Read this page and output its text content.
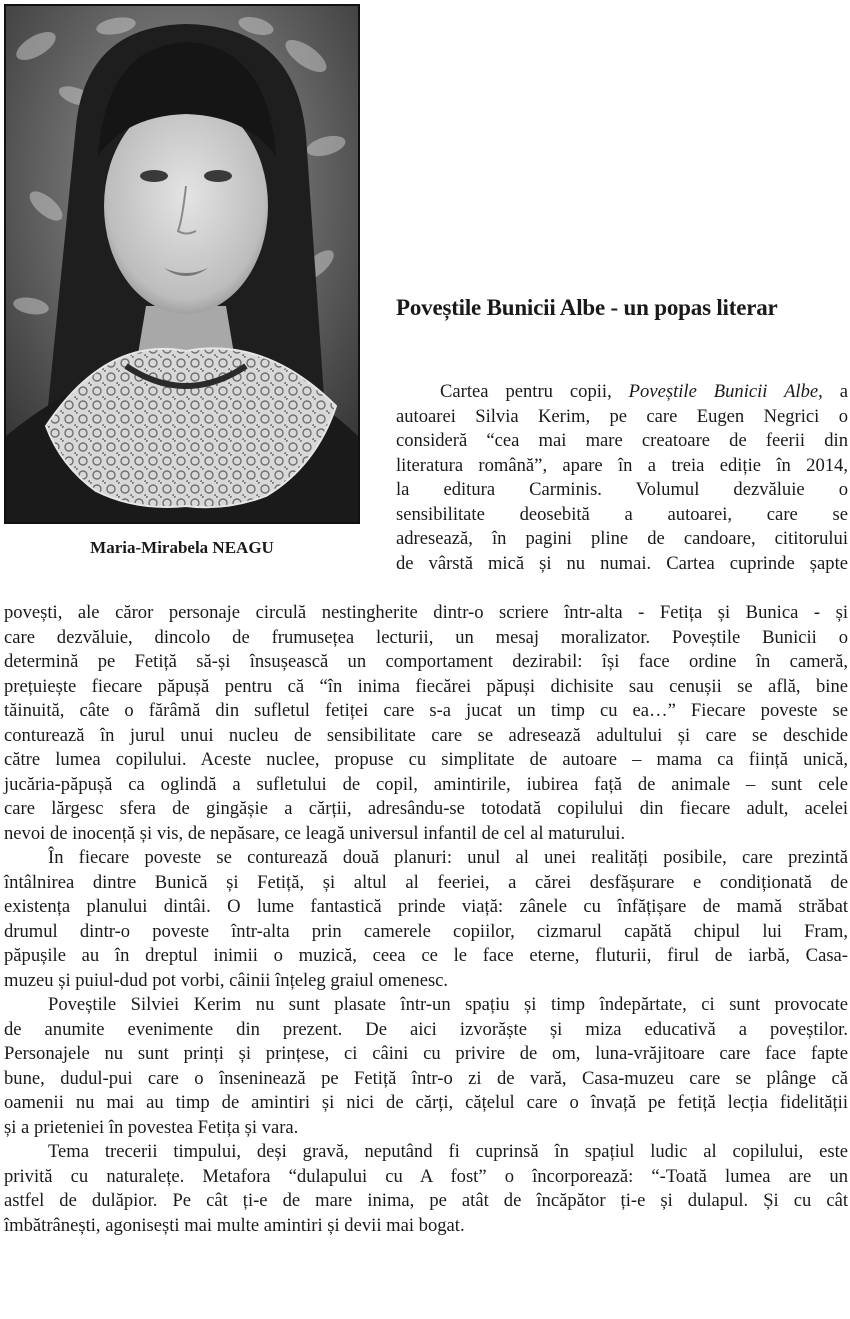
Maria-Mirabela NEAGU
Poveștile Bunicii Albe - un popas literar
Cartea pentru copii, Poveștile Bunicii Albe, a
autoarei Silvia Kerim, pe care Eugen Negrici o
consideră “cea mai mare creatoare de feerii din
literatura română”, apare în a treia ediție în 2014,
la editura Carminis. Volumul dezvăluie o
sensibilitate deosebită a autoarei, care se
adresează, în pagini pline de candoare, cititorului
de vârstă mică și nu numai. Cartea cuprinde șapte
povești, ale căror personaje circulă nestingherite dintr-o scriere într-alta - Fetița și Bunica - și
care dezvăluie, dincolo de frumusețea lecturii, un mesaj moralizator. Poveștile Bunicii o
determină pe Fetiță să-și însușească un comportament dezirabil: își face ordine în cameră,
prețuiește fiecare păpușă pentru că “în inima fiecărei păpuși dichisite sau cenușii se află, bine
tăinuită, câte o fărâmă din sufletul fetiței care s-a jucat un timp cu ea…” Fiecare poveste se
conturează în jurul unui nucleu de sensibilitate care se adresează adultului și care se deschide
către lumea copilului. Aceste nuclee, propuse cu simplitate de autoare – mama ca ființă unică,
jucăria-păpușă ca oglindă a sufletului de copil, amintirile, iubirea față de animale – sunt cele
care lărgesc sfera de gingășie a cărții, adresându-se totodată copilului din fiecare adult, acelei
nevoi de inocență și vis, de nepăsare, ce leagă universul infantil de cel al maturului.
În fiecare poveste se conturează două planuri: unul al unei realități posibile, care prezintă
întâlnirea dintre Bunică și Fetiță, și altul al feeriei, a cărei desfășurare e condiționată de
existența planului dintâi. O lume fantastică prinde viață: zânele cu înfățișare de mamă străbat
drumul dintr-o poveste într-alta prin camerele copiilor, cizmarul capătă chipul lui Fram,
păpușile au în dreptul inimii o muzică, ceea ce le face eterne, fluturii, firul de iarbă, Casa-
muzeu și puiul-dud pot vorbi, câinii înțeleg graiul omenesc.
Poveștile Silviei Kerim nu sunt plasate într-un spațiu și timp îndepărtate, ci sunt provocate
de anumite evenimente din prezent. De aici izvorăște și miza educativă a poveștilor.
Personajele nu sunt prinți și prințese, ci câini cu privire de om, luna-vrăjitoare care face fapte
bune, dudul-pui care o înseninează pe Fetiță într-o zi de vară, Casa-muzeu care se plânge că
oamenii nu mai au timp de amintiri și nici de cărți, cățelul care o învață pe fetiță lecția fidelității
și a prieteniei în povestea Fetița și vara.
Tema trecerii timpului, deși gravă, neputând fi cuprinsă în spațiul ludic al copilului, este
privită cu naturalețe. Metafora “dulapului cu A fost” o încorporează: “-Toată lumea are un
astfel de dulăpior. Pe cât ți-e de mare inima, pe atât de încăpător ți-e și dulapul. Și cu cât
îmbătrânești, agonisești mai multe amintiri și devii mai bogat.
